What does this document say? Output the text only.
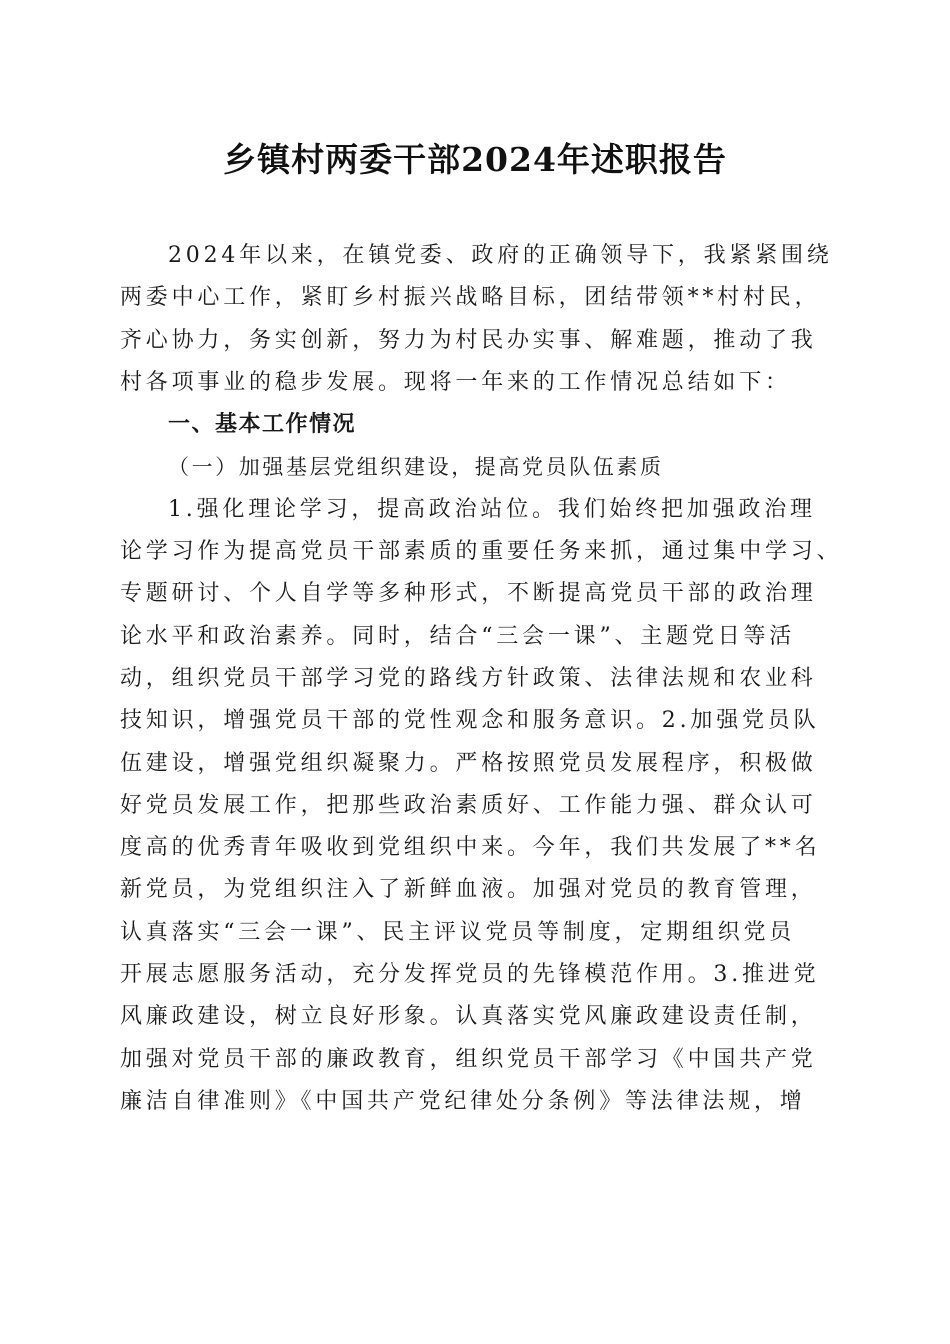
乡镇村两委干部2024年述职报告
2024年以来，在镇党委、政府的正确领导下，我紧紧围绕
两委中心工作，紧盯乡村振兴战略目标，团结带领**村村民，
齐心协力，务实创新，努力为村民办实事、解难题，推动了我
村各项事业的稳步发展。现将一年来的工作情况总结如下：
一、基本工作情况
（一）加强基层党组织建设，提高党员队伍素质
1.强化理论学习，提高政治站位。我们始终把加强政治理
论学习作为提高党员干部素质的重要任务来抓，通过集中学习、
专题研讨、个人自学等多种形式，不断提高党员干部的政治理
论水平和政治素养。同时，结合“三会一课”、主题党日等活
动，组织党员干部学习党的路线方针政策、法律法规和农业科
技知识，增强党员干部的党性观念和服务意识。2.加强党员队
伍建设，增强党组织凝聚力。严格按照党员发展程序，积极做
好党员发展工作，把那些政治素质好、工作能力强、群众认可
度高的优秀青年吸收到党组织中来。今年，我们共发展了**名
新党员，为党组织注入了新鲜血液。加强对党员的教育管理，
认真落实“三会一课”、民主评议党员等制度，定期组织党员
开展志愿服务活动，充分发挥党员的先锋模范作用。3.推进党
风廉政建设，树立良好形象。认真落实党风廉政建设责任制，
加强对党员干部的廉政教育，组织党员干部学习《中国共产党
廉洁自律准则》《中国共产党纪律处分条例》等法律法规，增
